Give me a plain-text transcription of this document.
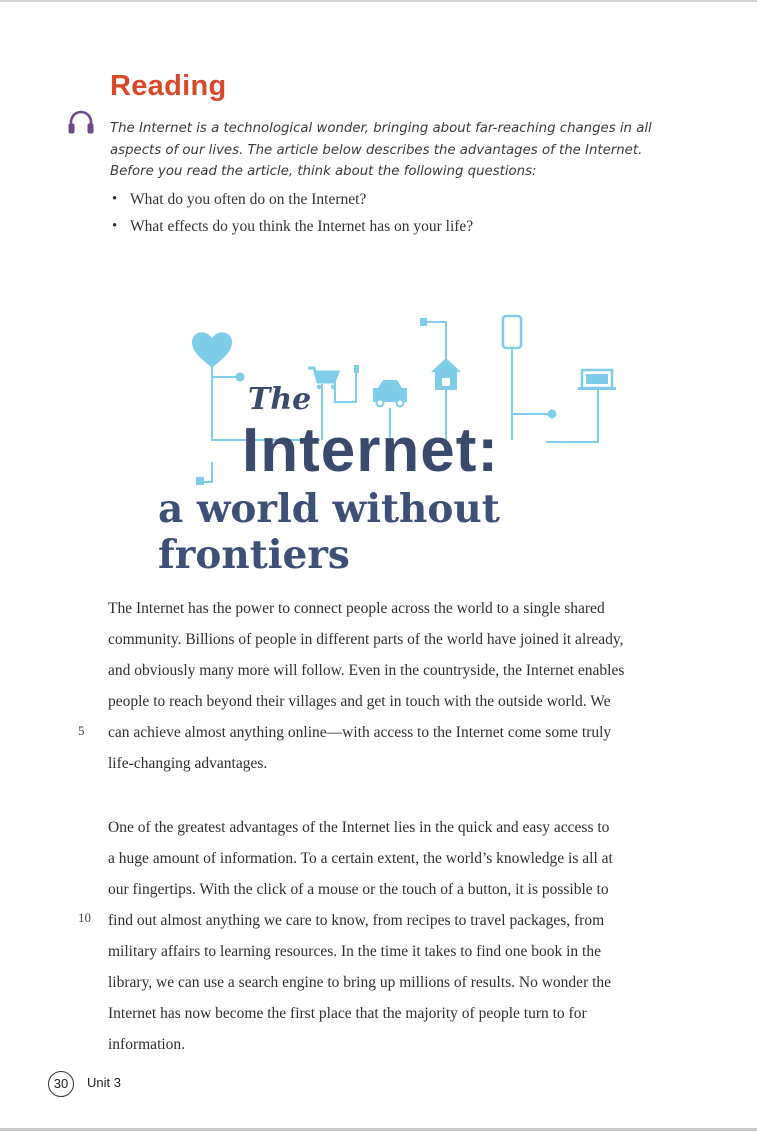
Reading

The Internet is a technological wonder, bringing about far-reaching changes in all aspects of our lives. The article below describes the advantages of the Internet. Before you read the article, think about the following questions:

• What do you often do on the Internet?
• What effects do you think the Internet has on your life?
The
Internet:
a world without frontiers
The Internet has the power to connect people across the world to a single shared
community. Billions of people in different parts of the world have joined it already,
and obviously many more will follow. Even in the countryside, the Internet enables
people to reach beyond their villages and get in touch with the outside world. We
can achieve almost anything online—with access to the Internet come some truly
life-changing advantages.
5
One of the greatest advantages of the Internet lies in the quick and easy access to
a huge amount of information. To a certain extent, the world’s knowledge is all at
our fingertips. With the click of a mouse or the touch of a button, it is possible to
find out almost anything we care to know, from recipes to travel packages, from
military affairs to learning resources. In the time it takes to find one book in the
library, we can use a search engine to bring up millions of results. No wonder the
Internet has now become the first place that the majority of people turn to for
information.
10
30	Unit 3
